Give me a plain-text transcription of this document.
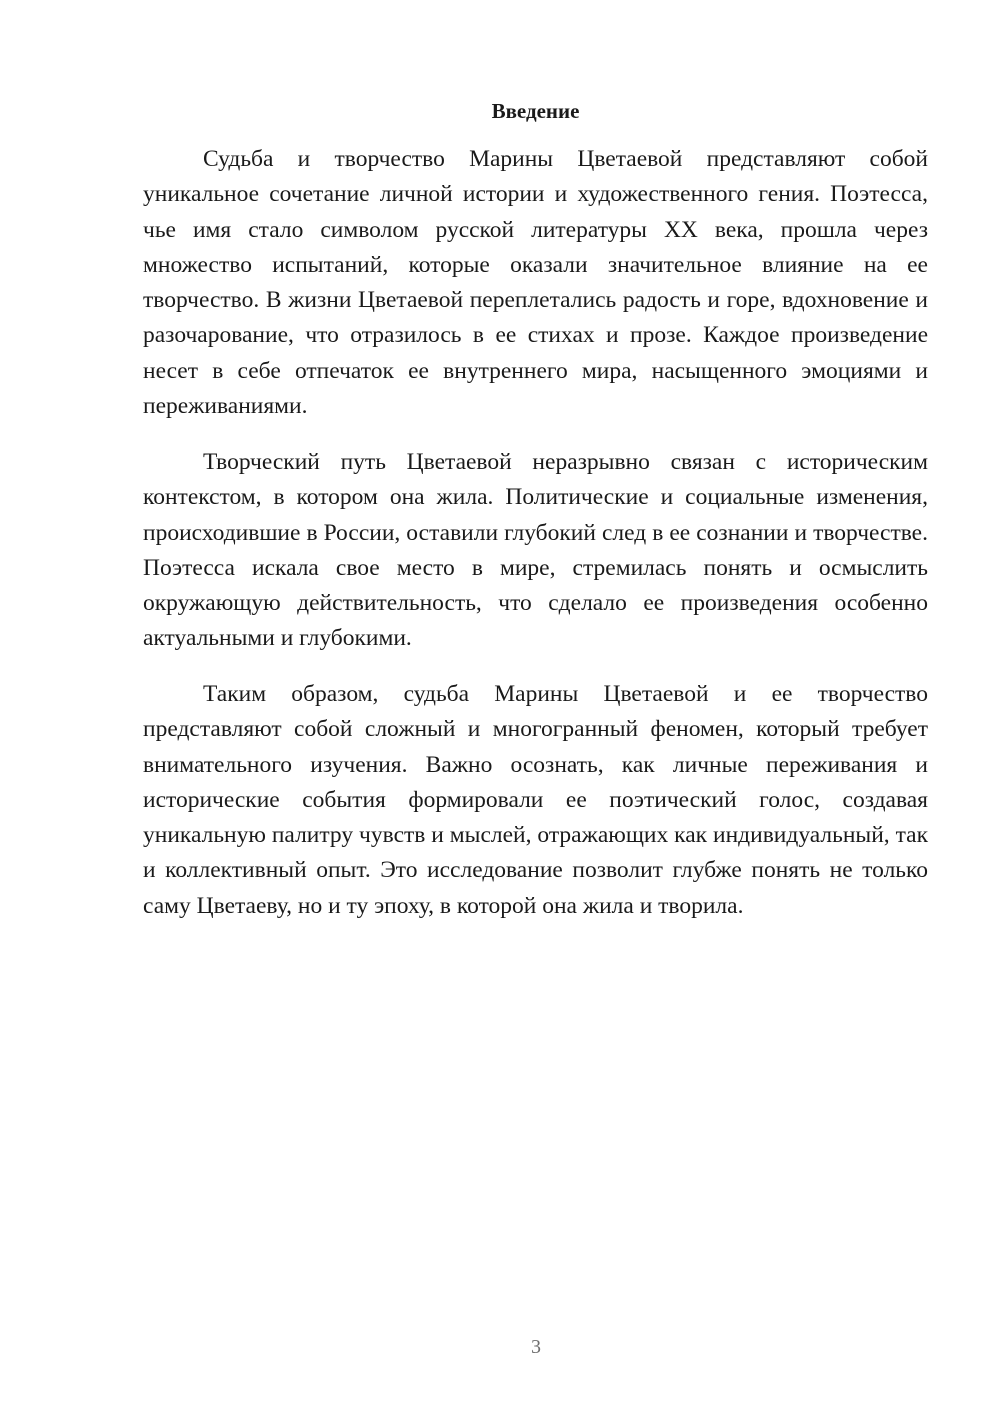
Введение

Судьба и творчество Марины Цветаевой представляют собой уникальное сочетание личной истории и художественного гения. Поэтесса, чье имя стало символом русской литературы XX века, прошла через множество испытаний, которые оказали значительное влияние на ее творчество. В жизни Цветаевой переплетались радость и горе, вдохновение и разочарование, что отразилось в ее стихах и прозе. Каждое произведение несет в себе отпечаток ее внутреннего мира, насыщенного эмоциями и переживаниями.

Творческий путь Цветаевой неразрывно связан с историческим контекстом, в котором она жила. Политические и социальные изменения, происходившие в России, оставили глубокий след в ее сознании и творчестве. Поэтесса искала свое место в мире, стремилась понять и осмыслить окружающую действительность, что сделало ее произведения особенно актуальными и глубокими.

Таким образом, судьба Марины Цветаевой и ее творчество представляют собой сложный и многогранный феномен, который требует внимательного изучения. Важно осознать, как личные переживания и исторические события формировали ее поэтический голос, создавая уникальную палитру чувств и мыслей, отражающих как индивидуальный, так и коллективный опыт. Это исследование позволит глубже понять не только саму Цветаеву, но и ту эпоху, в которой она жила и творила.

3
